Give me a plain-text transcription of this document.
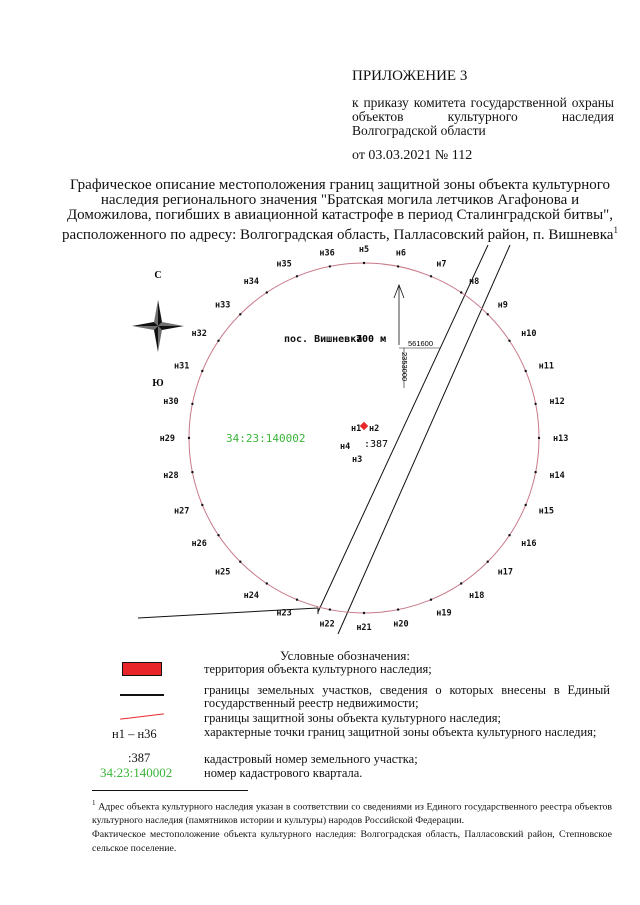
ПРИЛОЖЕНИЕ 3
к приказу комитета государственной охраны объектов культурного наследия Волгоградской области
от 03.03.2021 № 112
Графическое описание местоположения границ защитной зоны объекта культурного наследия регионального значения "Братская могила летчиков Агафонова и Доможилова, погибших в авиационной катастрофе в период Сталинградской битвы", расположенного по адресу: Волгоградская область, Палласовский район, п. Вишневка$^1$
н5	н6
н7
н8
н9
н10
н11
н12
н13
н14
н15
н16
н17
н18
н19
н20
н21
н22
н23
н24
н25
н26
н27
н28
н29
н30
н31
н32
н33
н34
н35
н36
С
Ю
пос. Вишневка
700 м	561600
2353000
34:23:140002
н1 н2
н3
н4 :387
Условные обозначения:
н1 – н36
:387
34:23:140002
территория объекта культурного наследия;
границы земельных участков, сведения о которых внесены в Единый государственный реестр недвижимости;
границы защитной зоны объекта культурного наследия;
характерные точки границ защитной зоны объекта культурного наследия;
кадастровый номер земельного участка;
номер кадастрового квартала.
$^1$ Адрес объекта культурного наследия указан в соответствии со сведениями из Единого государственного реестра объектов культурного наследия (памятников истории и культуры) народов Российской Федерации.
Фактическое местоположение объекта культурного наследия: Волгоградская область, Палласовский район, Степновское сельское поселение.
